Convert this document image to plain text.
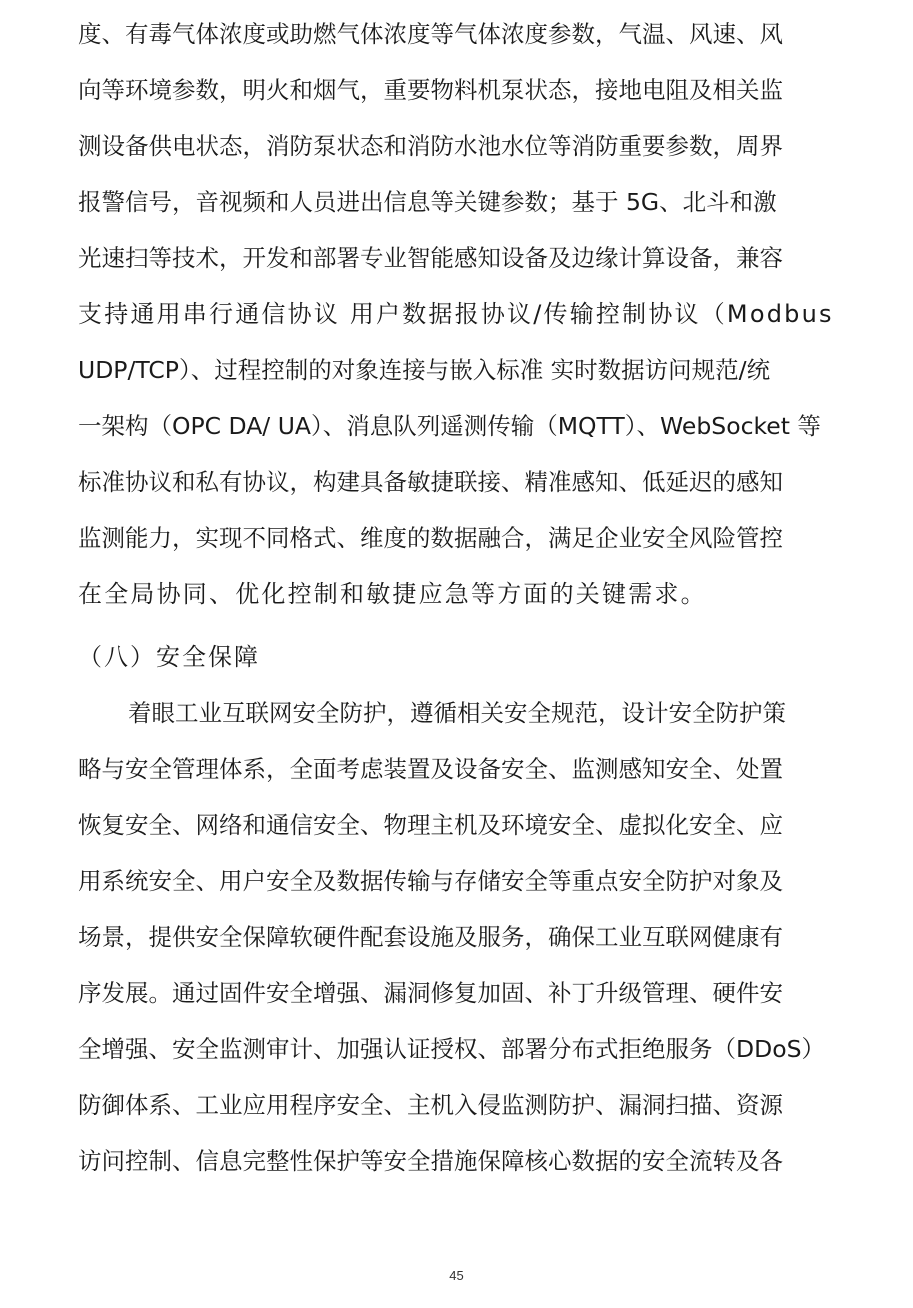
度、有毒气体浓度或助燃气体浓度等气体浓度参数，气温、风速、风
向等环境参数，明火和烟气，重要物料机泵状态，接地电阻及相关监
测设备供电状态，消防泵状态和消防水池水位等消防重要参数，周界
报警信号，音视频和人员进出信息等关键参数；基于 5G、北斗和激
光速扫等技术，开发和部署专业智能感知设备及边缘计算设备，兼容
支持通用串行通信协议 用户数据报协议/传输控制协议（Modbus
UDP/TCP）、过程控制的对象连接与嵌入标准 实时数据访问规范/统
一架构（OPC DA/ UA）、消息队列遥测传输（MQTT）、WebSocket 等
标准协议和私有协议，构建具备敏捷联接、精准感知、低延迟的感知
监测能力，实现不同格式、维度的数据融合，满足企业安全风险管控
在全局协同、优化控制和敏捷应急等方面的关键需求。
（八）安全保障
着眼工业互联网安全防护，遵循相关安全规范，设计安全防护策
略与安全管理体系，全面考虑装置及设备安全、监测感知安全、处置
恢复安全、网络和通信安全、物理主机及环境安全、虚拟化安全、应
用系统安全、用户安全及数据传输与存储安全等重点安全防护对象及
场景，提供安全保障软硬件配套设施及服务，确保工业互联网健康有
序发展。通过固件安全增强、漏洞修复加固、补丁升级管理、硬件安
全增强、安全监测审计、加强认证授权、部署分布式拒绝服务（DDoS）
防御体系、工业应用程序安全、主机入侵监测防护、漏洞扫描、资源
访问控制、信息完整性保护等安全措施保障核心数据的安全流转及各
45
